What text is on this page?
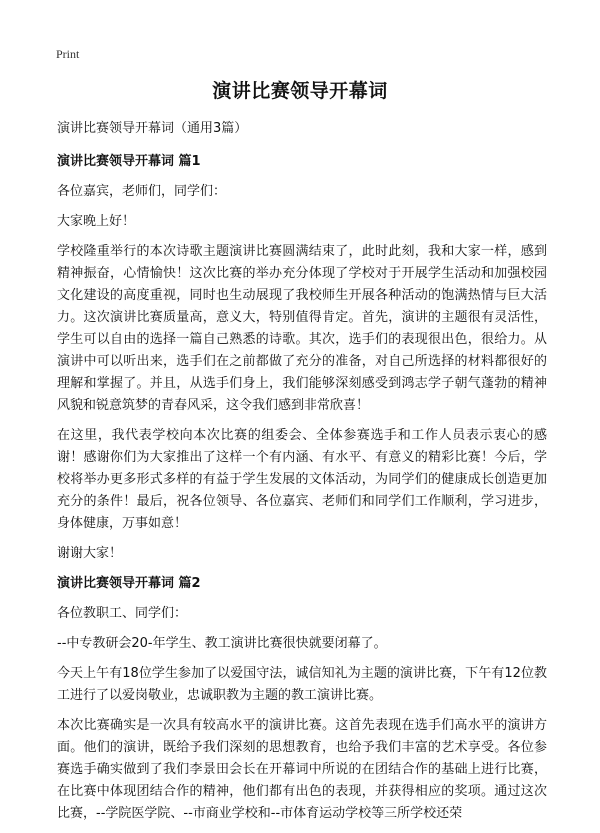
Print
演讲比赛领导开幕词

演讲比赛领导开幕词（通用3篇）

演讲比赛领导开幕词 篇1

各位嘉宾，老师们，同学们：

大家晚上好！

学校隆重举行的本次诗歌主题演讲比赛圆满结束了，此时此刻，我和大家一样，感到精神振奋，心情愉快！这次比赛的举办充分体现了学校对于开展学生活动和加强校园文化建设的高度重视，同时也生动展现了我校师生开展各种活动的饱满热情与巨大活力。这次演讲比赛质量高，意义大，特别值得肯定。首先，演讲的主题很有灵活性，学生可以自由的选择一篇自己熟悉的诗歌。其次，选手们的表现很出色，很给力。从演讲中可以听出来，选手们在之前都做了充分的准备，对自己所选择的材料都很好的理解和掌握了。并且，从选手们身上，我们能够深刻感受到鸿志学子朝气蓬勃的精神风貌和锐意筑梦的青春风采，这令我们感到非常欣喜！

在这里，我代表学校向本次比赛的组委会、全体参赛选手和工作人员表示衷心的感谢！感谢你们为大家推出了这样一个有内涵、有水平、有意义的精彩比赛！今后，学校将举办更多形式多样的有益于学生发展的文体活动，为同学们的健康成长创造更加充分的条件！最后，祝各位领导、各位嘉宾、老师们和同学们工作顺利，学习进步，身体健康，万事如意！

谢谢大家！

演讲比赛领导开幕词 篇2

各位教职工、同学们：

--中专教研会20-年学生、教工演讲比赛很快就要闭幕了。

今天上午有18位学生参加了以爱国守法，诚信知礼为主题的演讲比赛，下午有12位教工进行了以爱岗敬业，忠诚职教为主题的教工演讲比赛。

本次比赛确实是一次具有较高水平的演讲比赛。这首先表现在选手们高水平的演讲方面。他们的演讲，既给予我们深刻的思想教育，也给予我们丰富的艺术享受。各位参赛选手确实做到了我们李景田会长在开幕词中所说的在团结合作的基础上进行比赛，在比赛中体现团结合作的精神，他们都有出色的表现，并获得相应的奖项。通过这次比赛，--学院医学院、--市商业学校和--市体育运动学校等三所学校还荣
